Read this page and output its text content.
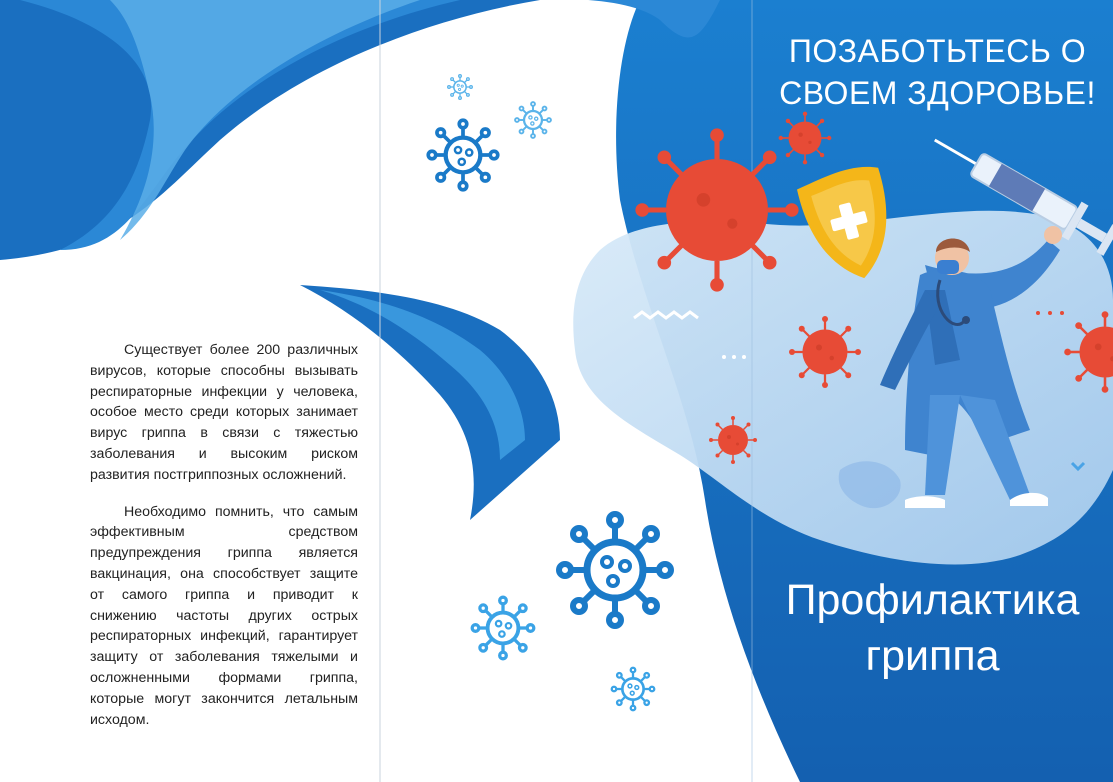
Существует более 200 различных вирусов, которые способны вызывать респираторные инфекции у человека, особое место среди которых занимает вирус гриппа в связи с тяжестью заболевания и высоким риском развития постгриппозных осложнений.

Необходимо помнить, что самым эффективным средством предупреждения гриппа является вакцинация, она способствует защите от самого гриппа и приводит к снижению частоты других острых респираторных инфекций, гарантирует защиту от заболевания тяжелыми и осложненными формами гриппа, которые могут закончится летальным исходом.

ПОЗАБОТЬТЕСЬ О СВОЕМ ЗДОРОВЬЕ!
Профилактика гриппа
